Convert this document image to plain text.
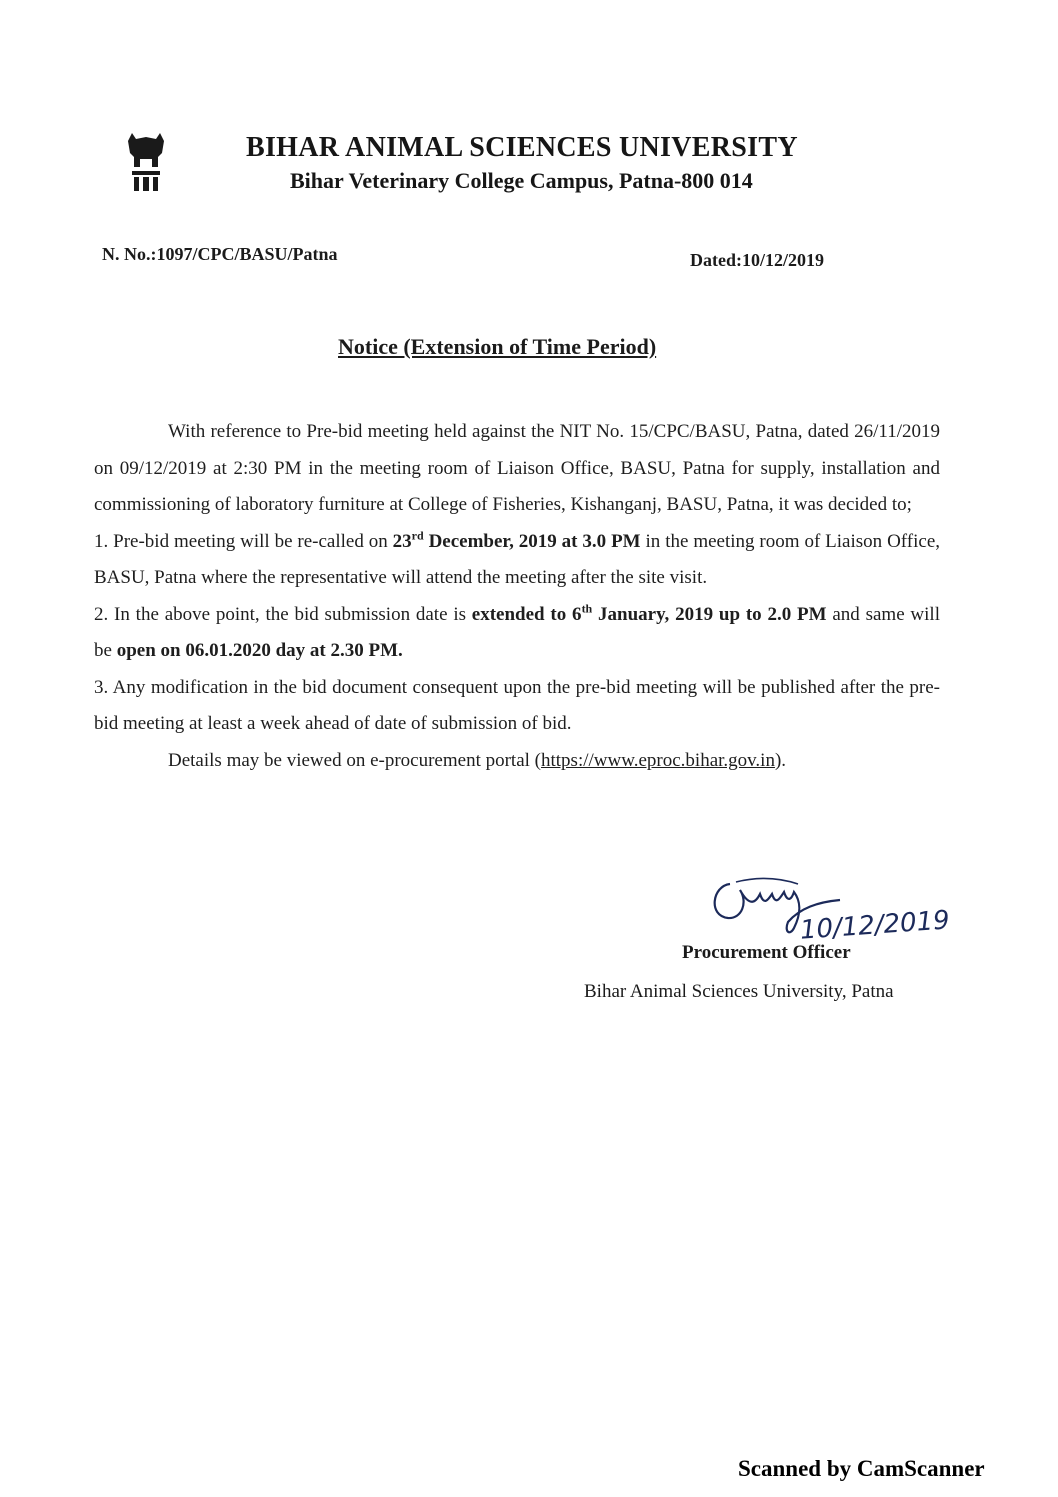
BIHAR ANIMAL SCIENCES UNIVERSITY
Bihar Veterinary College Campus, Patna-800 014
N. No.:1097/CPC/BASU/Patna	Dated:10/12/2019
Notice (Extension of Time Period)

With reference to Pre-bid meeting held against the NIT No. 15/CPC/BASU, Patna, dated 26/11/2019 on 09/12/2019 at 2:30 PM in the meeting room of Liaison Office, BASU, Patna for supply, installation and commissioning of laboratory furniture at College of Fisheries, Kishanganj, BASU, Patna, it was decided to;

1. Pre-bid meeting will be re-called on 23rd December, 2019 at 3.0 PM in the meeting room of Liaison Office, BASU, Patna where the representative will attend the meeting after the site visit.

2. In the above point, the bid submission date is extended to 6th January, 2019 up to 2.0 PM and same will be open on 06.01.2020 day at 2.30 PM.

3. Any modification in the bid document consequent upon the pre-bid meeting will be published after the pre-bid meeting at least a week ahead of date of submission of bid.

Details may be viewed on e-procurement portal (https://www.eproc.bihar.gov.in).

10/12/2019
Procurement Officer
Bihar Animal Sciences University, Patna
Scanned by CamScanner
